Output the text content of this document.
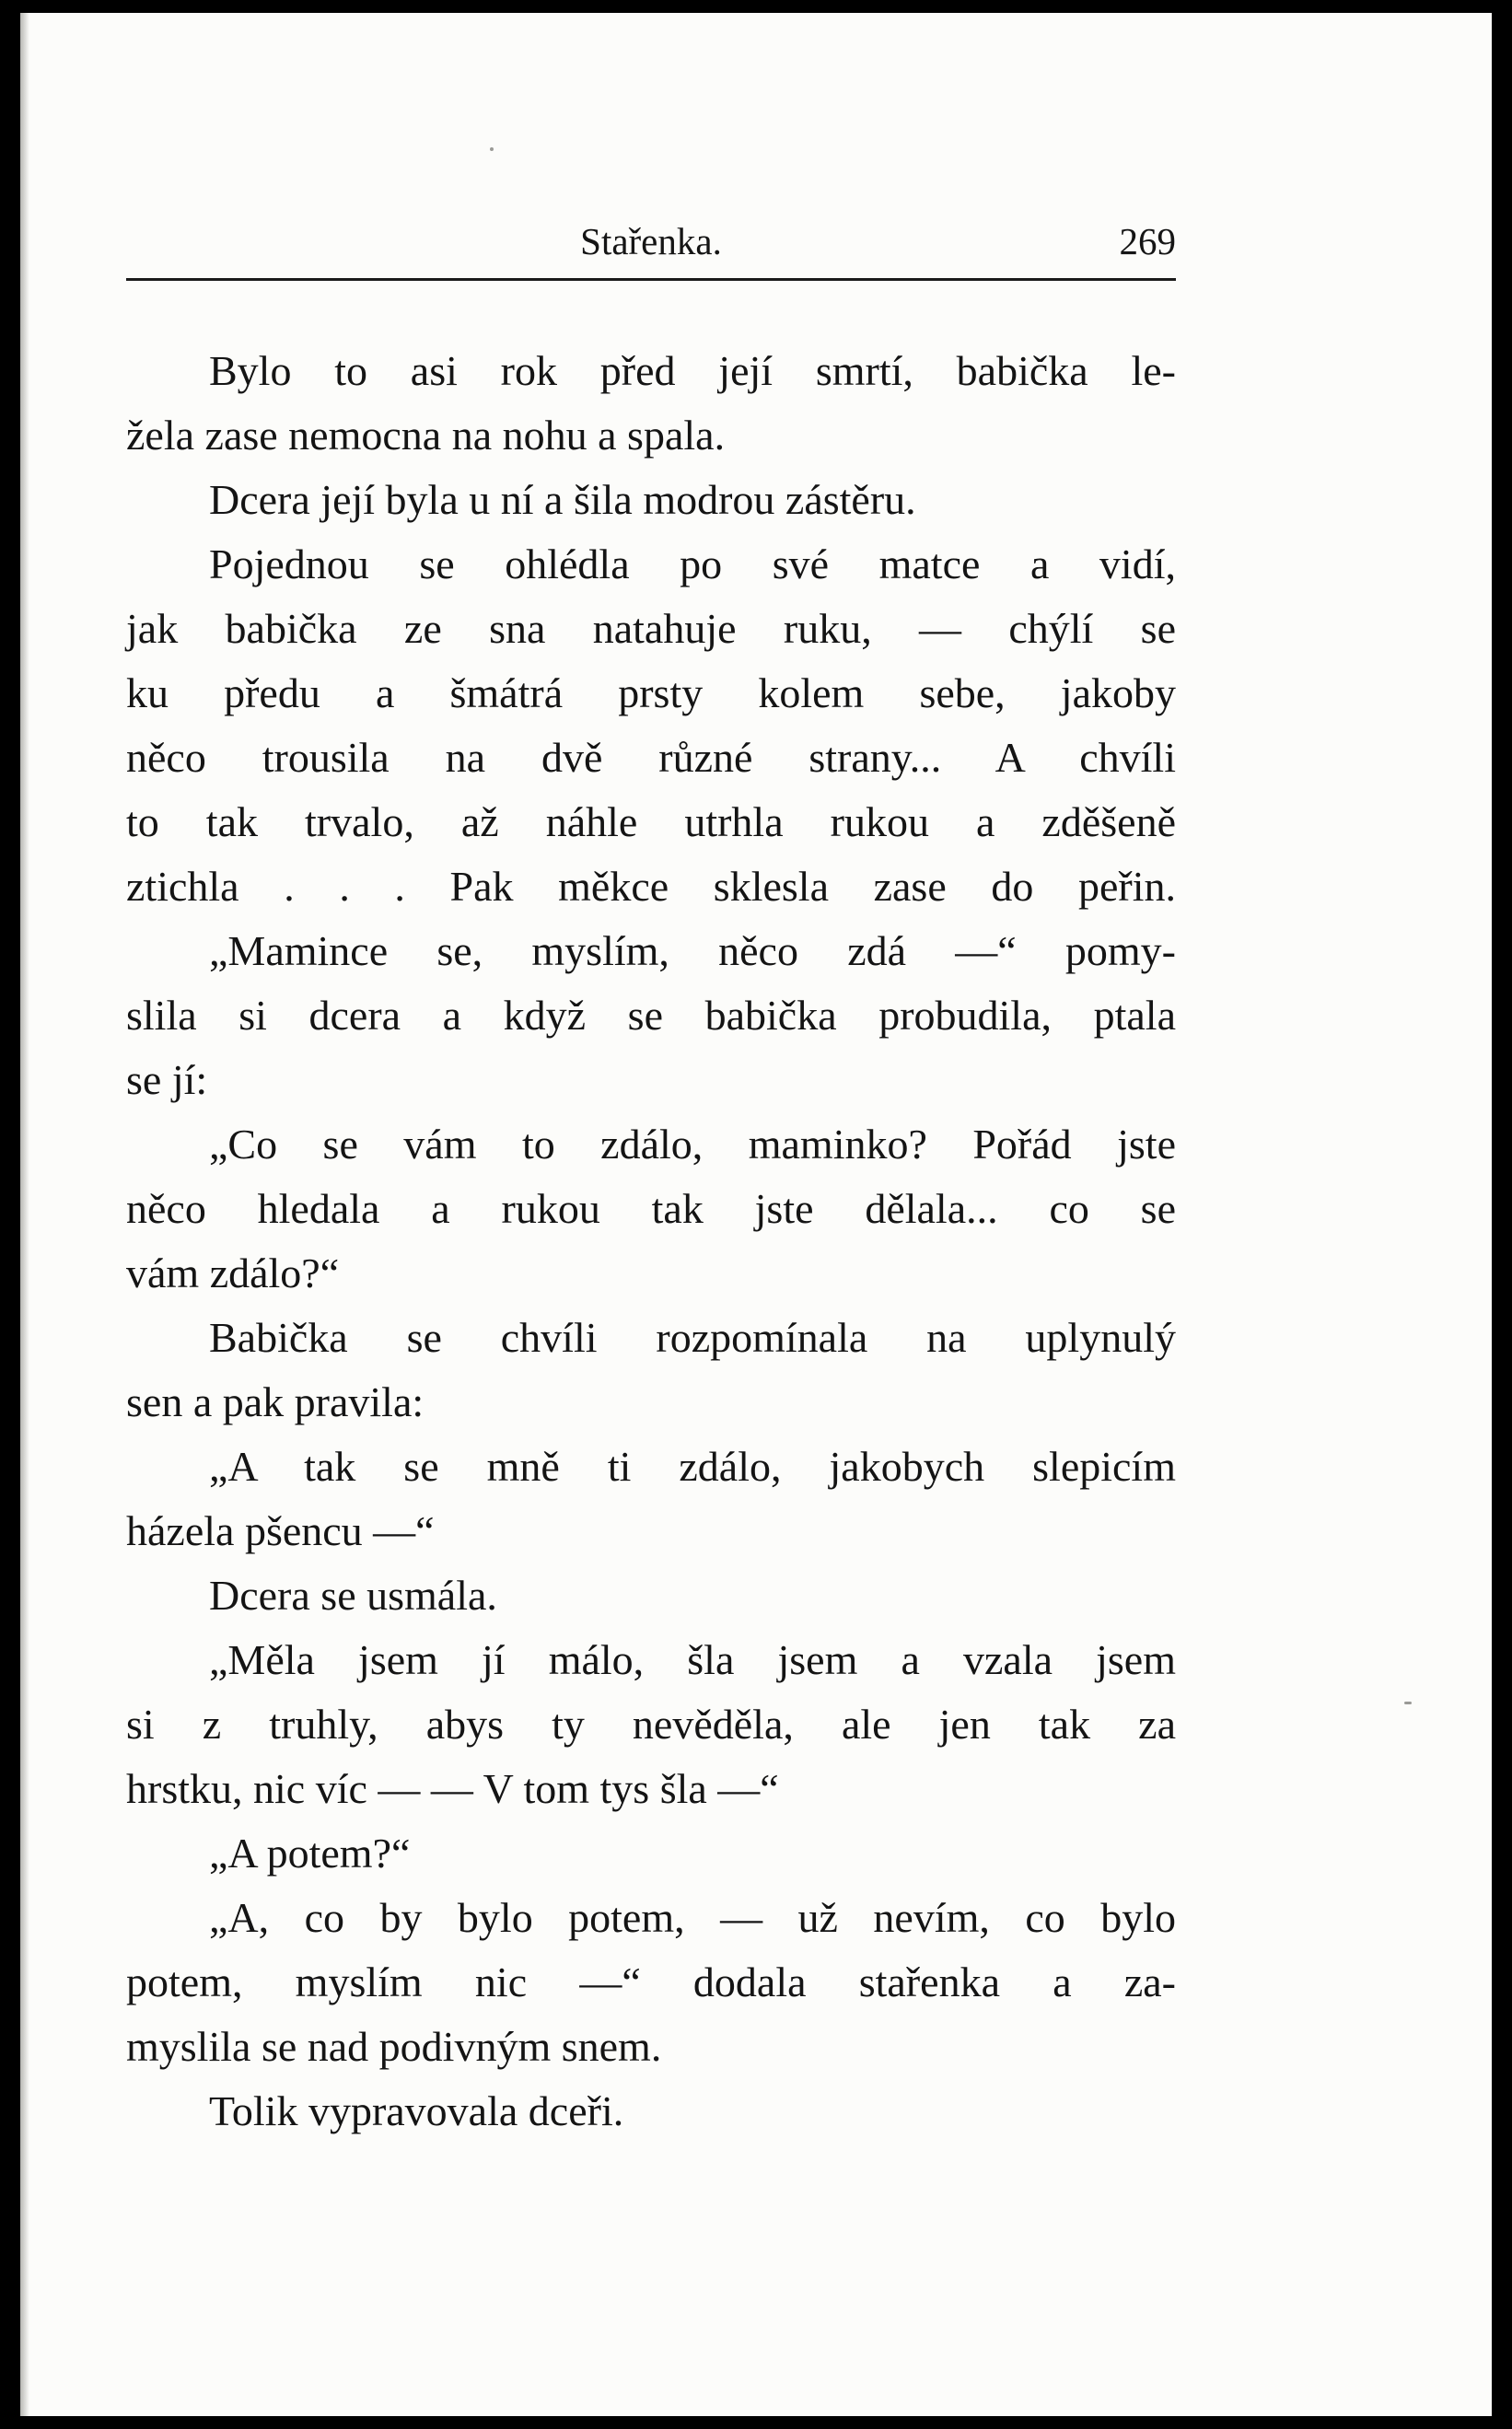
Stařenka.	269
Bylo to asi rok před její smrtí, babička le-
žela zase nemocna na nohu a spala.
Dcera její byla u ní a šila modrou zástěru.
Pojednou se ohlédla po své matce a vidí,
jak babička ze sna natahuje ruku, — chýlí se
ku předu a šmátrá prsty kolem sebe, jakoby
něco trousila na dvě různé strany... A chvíli
to tak trvalo, až náhle utrhla rukou a zděšeně
ztichla . . . Pak měkce sklesla zase do peřin.
„Mamince se, myslím, něco zdá —“ pomy-
slila si dcera a když se babička probudila, ptala
se jí:
„Co se vám to zdálo, maminko? Pořád jste
něco hledala a rukou tak jste dělala... co se
vám zdálo?“
Babička se chvíli rozpomínala na uplynulý
sen a pak pravila:
„A tak se mně ti zdálo, jakobych slepicím
házela pšencu —“
Dcera se usmála.
„Měla jsem jí málo, šla jsem a vzala jsem
si z truhly, abys ty nevěděla, ale jen tak za
hrstku, nic víc — — V tom tys šla —“
„A potem?“
„A, co by bylo potem, — už nevím, co bylo
potem, myslím nic —“ dodala stařenka a za-
myslila se nad podivným snem.
Tolik vypravovala dceři.
